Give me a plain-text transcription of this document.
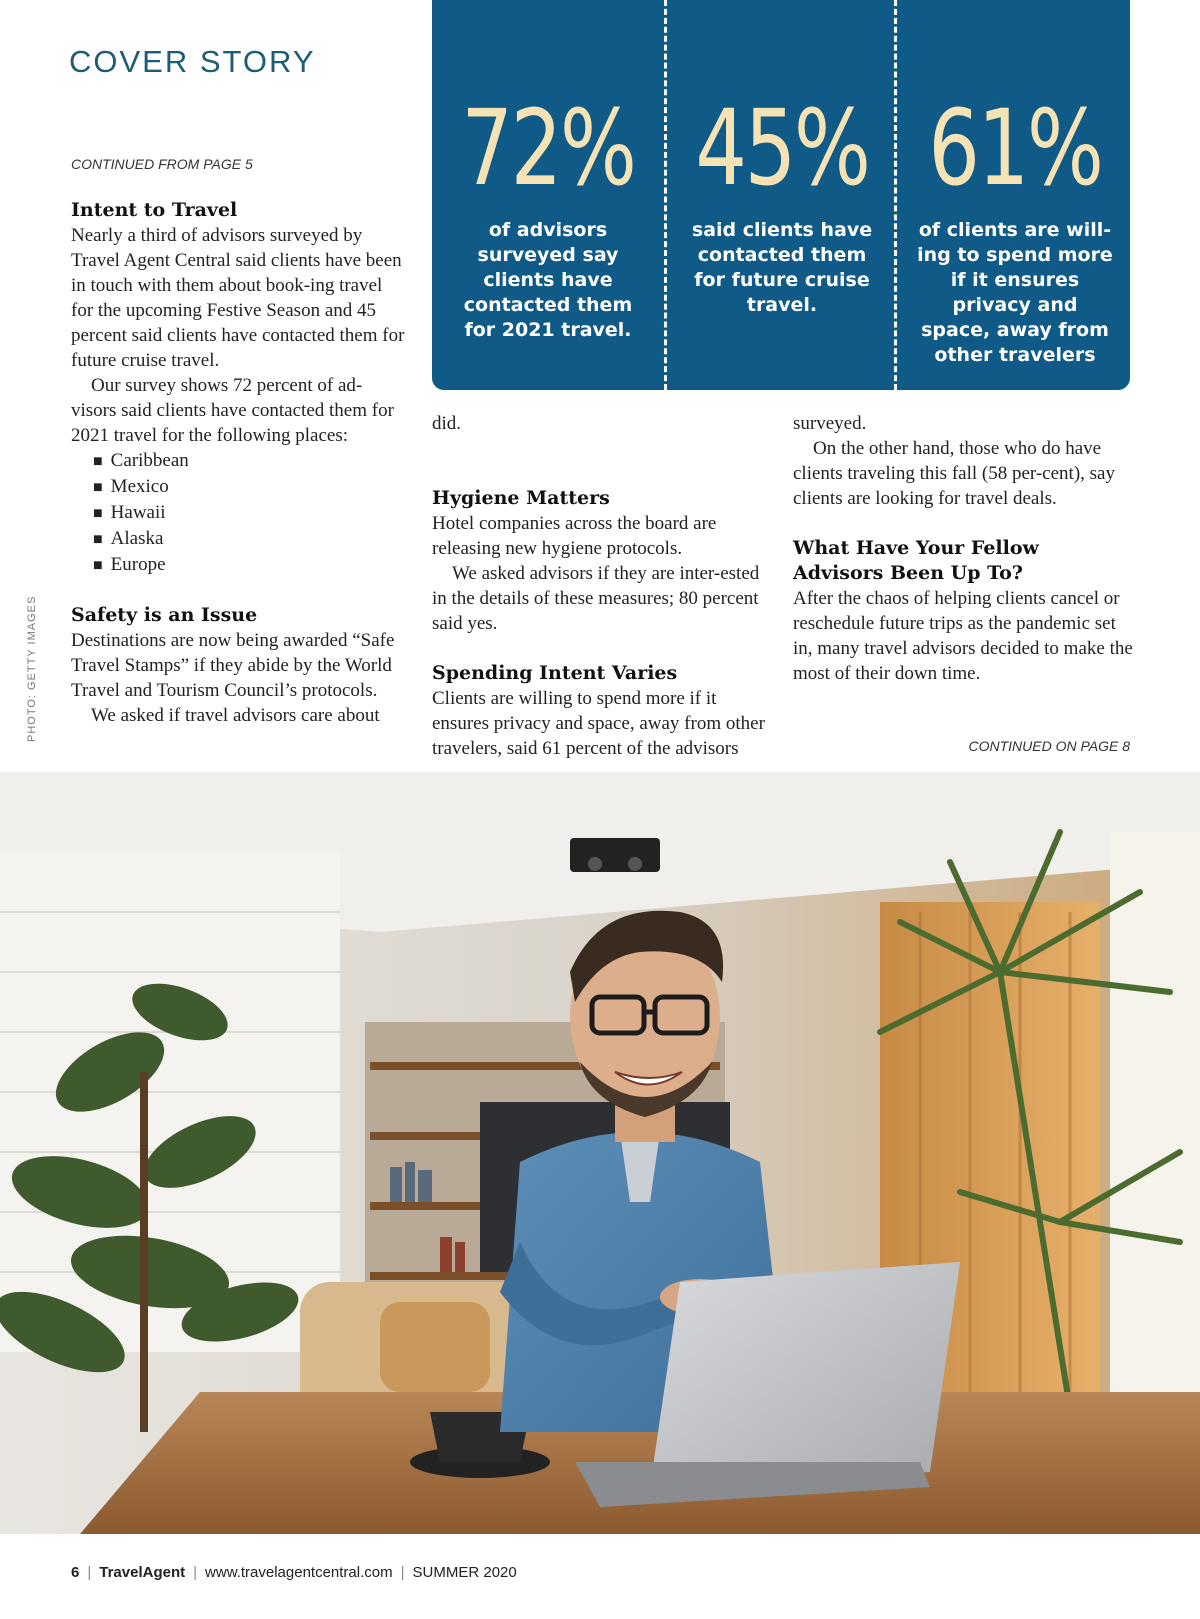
COVER STORY
72%
of advisors surveyed say clients have contacted them for 2021 travel.
45%
said clients have contacted them for future cruise travel.
61%
of clients are will-ing to spend more if it ensures privacy and space, away from other travelers

CONTINUED FROM PAGE 5

Intent to Travel

Nearly a third of advisors surveyed by Travel Agent Central said clients have been in touch with them about book-ing travel for the upcoming Festive Season and 45 percent said clients have contacted them for future cruise travel.

Our survey shows 72 percent of ad-visors said clients have contacted them for 2021 travel for the following places:

■ Caribbean
■ Mexico
■ Hawaii
■ Alaska
■ Europe
Safety is an Issue

Destinations are now being awarded “Safe Travel Stamps” if they abide by the World Travel and Tourism Council’s protocols.

We asked if travel advisors care about

did.

Hygiene Matters

Hotel companies across the board are releasing new hygiene protocols.

We asked advisors if they are inter-ested in the details of these measures; 80 percent said yes.

Spending Intent Varies

Clients are willing to spend more if it ensures privacy and space, away from other travelers, said 61 percent of the advisors

surveyed.

On the other hand, those who do have clients traveling this fall (58 per-cent), say clients are looking for travel deals.

What Have Your Fellow Advisors Been Up To?

After the chaos of helping clients cancel or reschedule future trips as the pandemic set in, many travel advisors decided to make the most of their down time.

CONTINUED ON PAGE 8

PHOTO: GETTY IMAGES

6 | TravelAgent | www.travelagentcentral.com | SUMMER 2020
